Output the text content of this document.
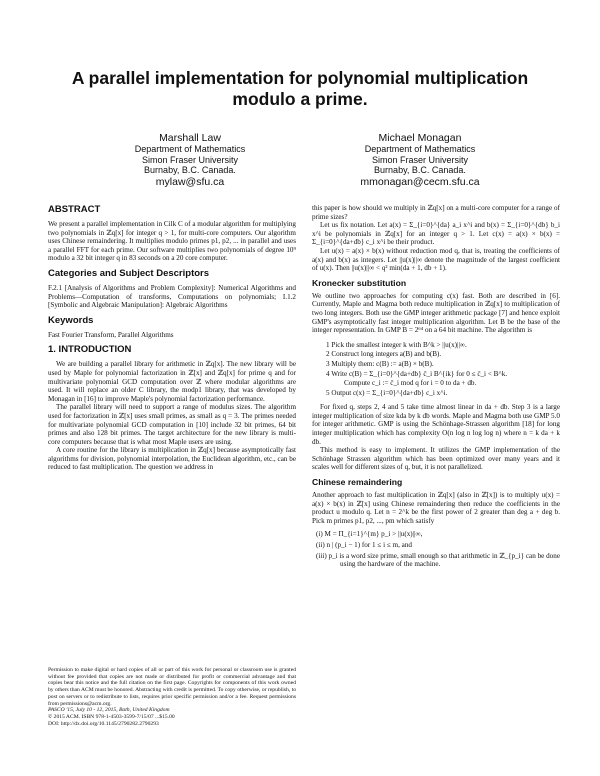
A parallel implementation for polynomial multiplication
modulo a prime.
Marshall Law
Department of Mathematics
Simon Fraser University
Burnaby, B.C. Canada.
mylaw@sfu.ca
Michael Monagan
Department of Mathematics
Simon Fraser University
Burnaby, B.C. Canada.
mmonagan@cecm.sfu.ca
ABSTRACT

We present a parallel implementation in Cilk C of a modular algorithm for multiplying two polynomials in ℤq[x] for integer q > 1, for multi-core computers. Our algorithm uses Chinese remaindering. It multiplies modulo primes p1, p2, ... in parallel and uses a parallel FFT for each prime. Our software multiplies two polynomials of degree 10⁹ modulo a 32 bit integer q in 83 seconds on a 20 core computer.

Categories and Subject Descriptors

F.2.1 [Analysis of Algorithms and Problem Complexity]: Numerical Algorithms and Problems—Computation of transforms, Computations on polynomials; I.1.2 [Symbolic and Algebraic Manipulation]: Algebraic Algorithms

Keywords

Fast Fourier Transform, Parallel Algorithms

1. INTRODUCTION

We are building a parallel library for arithmetic in ℤq[x]. The new library will be used by Maple for polynomial factorization in ℤ[x] and ℤq[x] for prime q and for multivariate polynomial GCD computation over ℤ where modular algorithms are used. It will replace an older C library, the modp1 library, that was developed by Monagan in [16] to improve Maple's polynomial factorization performance.

The parallel library will need to support a range of modulus sizes. The algorithm used for factorization in ℤ[x] uses small primes, as small as q = 3. The primes needed for multivariate polynomial GCD computation in [10] include 32 bit primes, 64 bit primes and also 128 bit primes. The target architecture for the new library is multi-core computers because that is what most Maple users are using.

A core routine for the library is multiplication in ℤq[x] because asymptotically fast algorithms for division, polynomial interpolation, the Euclidean algorithm, etc., can be reduced to fast multiplication. The question we address in

Permission to make digital or hard copies of all or part of this work for personal or classroom use is granted without fee provided that copies are not made or distributed for profit or commercial advantage and that copies bear this notice and the full citation on the first page. Copyrights for components of this work owned by others than ACM must be honored. Abstracting with credit is permitted. To copy otherwise, or republish, to post on servers or to redistribute to lists, requires prior specific permission and/or a fee. Request permissions from permissions@acm.org.
PASCO '15, July 10 - 12, 2015, Bath, United Kingdom
© 2015 ACM. ISBN 978-1-4503-3599-7/15/07 ...$15.00
DOI: http://dx.doi.org/10.1145/2790282.2790293

this paper is how should we multiply in ℤq[x] on a multi-core computer for a range of prime sizes?

Let us fix notation. Let a(x) = Σ_{i=0}^{da} a_i x^i and b(x) = Σ_{i=0}^{db} b_i x^i be polynomials in ℤq[x] for an integer q > 1. Let c(x) = a(x) × b(x) = Σ_{i=0}^{da+db} c_i x^i be their product.

Let u(x) = a(x) × b(x) without reduction mod q, that is, treating the coefficients of a(x) and b(x) as integers. Let ||u(x)||∞ denote the magnitude of the largest coefficient of u(x). Then ||u(x)||∞ < q² min(da + 1, db + 1).

Kronecker substitution

We outline two approaches for computing c(x) fast. Both are described in [6]. Currently, Maple and Magma both reduce multiplication in ℤq[x] to multiplication of two long integers. Both use the GMP integer arithmetic package [7] and hence exploit GMP's asymptotically fast integer multiplication algorithm. Let B be the base of the integer representation. In GMP B = 2⁶⁴ on a 64 bit machine. The algorithm is

1 Pick the smallest integer k with B^k > ||u(x)||∞.
2 Construct long integers a(B) and b(B).
3 Multiply them: c(B) := a(B) × b(B).
4 Write c(B) = Σ_{i=0}^{da+db} c̄_i B^{ik} for 0 ≤ c̄_i < B^k.
Compute c_i := c̄_i mod q for i = 0 to da + db.
5 Output c(x) = Σ_{i=0}^{da+db} c_i x^i.

For fixed q, steps 2, 4 and 5 take time almost linear in da + db. Step 3 is a large integer multiplication of size kda by k db words. Maple and Magma both use GMP 5.0 for integer arithmetic. GMP is using the Schönhage-Strassen algorithm [18] for long integer multiplication which has complexity O(n log n log log n) where n = k da + k db.

This method is easy to implement. It utilizes the GMP implementation of the Schönhage Strassen algorithm which has been optimized over many years and it scales well for different sizes of q, but, it is not parallelized.

Chinese remaindering

Another approach to fast multiplication in ℤq[x] (also in ℤ[x]) is to multiply u(x) = a(x) × b(x) in ℤ[x] using Chinese remaindering then reduce the coefficients in the product u modulo q. Let n = 2^k be the first power of 2 greater than deg a + deg b. Pick m primes p1, p2, ..., pm which satisfy

(i) M = Π_{i=1}^{m} p_i > ||u(x)||∞,
(ii) n | (p_i − 1) for 1 ≤ i ≤ m, and
(iii) p_i is a word size prime, small enough so that arithmetic in ℤ_{p_i} can be done using the hardware of the machine.
